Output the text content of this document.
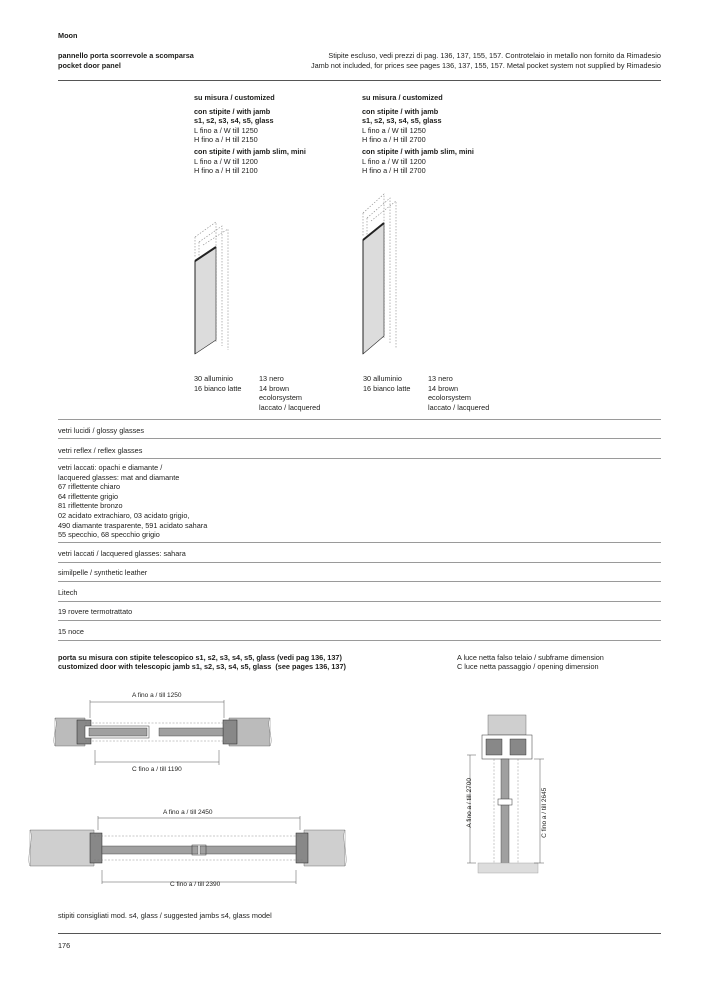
Moon
pannello porta scorrevole a scomparsa
pocket door panel
Stipite escluso, vedi prezzi di pag. 136, 137, 155, 157. Controtelaio in metallo non fornito da Rimadesio
Jamb not included, for prices see pages 136, 137, 155, 157. Metal pocket system not supplied by Rimadesio
su misura / customized
con stipite / with jamb
s1, s2, s3, s4, s5, glass
L fino a / W till 1250
H fino a / H till 2150
con stipite / with jamb slim, mini
L fino a / W till 1200
H fino a / H till 2100
su misura / customized
con stipite / with jamb
s1, s2, s3, s4, s5, glass
L fino a / W till 1250
H fino a / H till 2700
con stipite / with jamb slim, mini
L fino a / W till 1200
H fino a / H till 2700
30 alluminio
16 bianco latte
13 nero
14 brown
ecolorsystem
laccato / lacquered
30 alluminio
16 bianco latte
13 nero
14 brown
ecolorsystem
laccato / lacquered
vetri lucidi / glossy glasses
vetri reflex / reflex glasses
vetri laccati: opachi e diamante /
lacquered glasses: mat and diamante
67 riflettente chiaro
64 riflettente grigio
81 riflettente bronzo
02 acidato extrachiaro, 03 acidato grigio,
490 diamante trasparente, 591 acidato sahara
55 specchio, 68 specchio grigio
vetri laccati / lacquered glasses: sahara
similpelle / synthetic leather
Litech
19 rovere termotrattato
15 noce
porta su misura con stipite telescopico s1, s2, s3, s4, s5, glass (vedi pag 136, 137)
customized door with telescopic jamb s1, s2, s3, s4, s5, glass  (see pages 136, 137)
A luce netta falso telaio / subframe dimension
C luce netta passaggio / opening dimension
A fino a / till 1250
C fino a / till 1190
A fino a / till 2450
C fino a / till 2390
A fino a / till 2700	C fino a / till 2645
stipiti consigliati mod. s4, glass / suggested jambs s4, glass model
176
